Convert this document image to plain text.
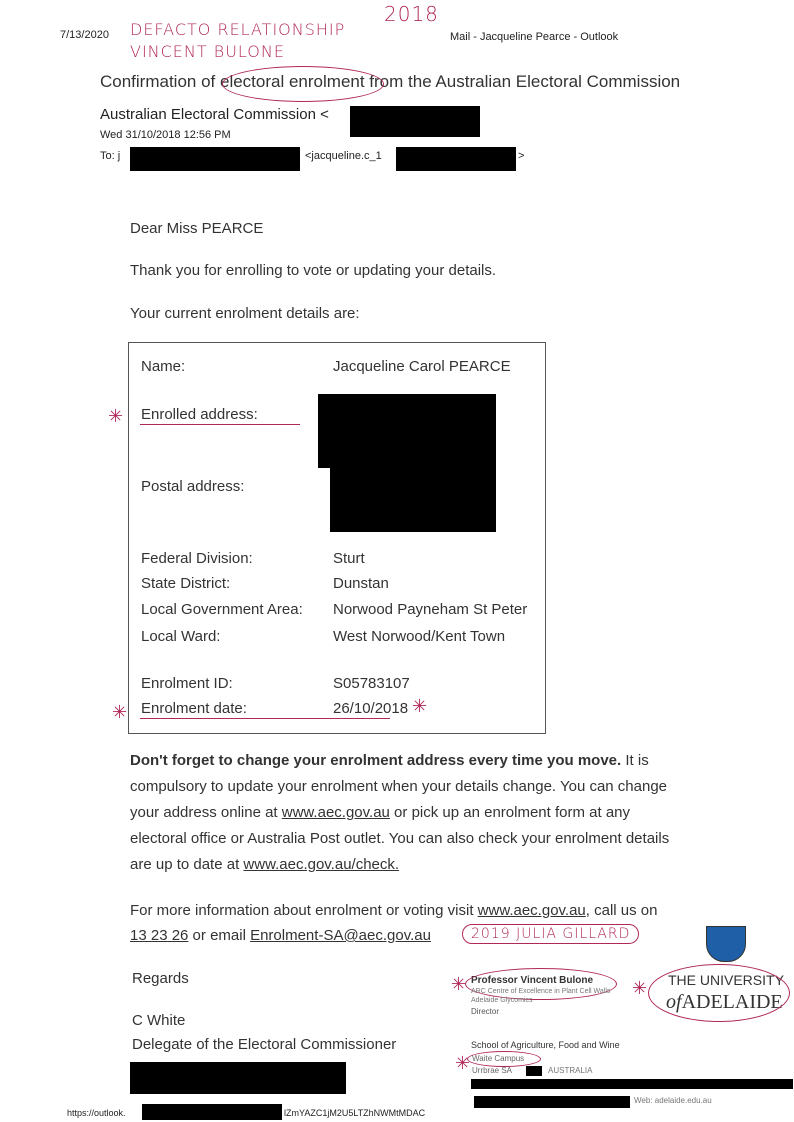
7/13/2020 DEFACTO RELATIONSHIP
2018
VINCENT BULONE
Mail - Jacqueline Pearce - Outlook
Confirmation of electoral enrolment from the Australian Electoral Commission
Australian Electoral Commission <
Wed 31/10/2018 12:56 PM
To: j	<jacqueline.c_1	>
Dear Miss PEARCE
Thank you for enrolling to vote or updating your details.
Your current enrolment details are:
Name:	Jacqueline Carol PEARCE
Enrolled address:
Postal address:
Federal Division:	Sturt
State District:	Dunstan
Local Government Area: Norwood Payneham St Peter
Local Ward:	West Norwood/Kent Town
Enrolment ID:	S05783107
Enrolment date:	26/10/2018
✳
✳	✳
Don't forget to change your enrolment address every time you move. It is
compulsory to update your enrolment when your details change. You can change
your address online at www.aec.gov.au or pick up an enrolment form at any
electoral office or Australia Post outlet. You can also check your enrolment details
are up to date at www.aec.gov.au/check.
For more information about enrolment or voting visit www.aec.gov.au, call us on
13 23 26 or email Enrolment-SA@aec.gov.au	2019 JULIA GILLARD
Regards
C White
Delegate of the Electoral Commissioner
Professor Vincent Bulone
ARC Centre of Excellence in Plant Cell Walls
Adelaide Glycomics
Director
School of Agriculture, Food and Wine
Waite Campus
Urrbrae SA	AUSTRALIA
Web: adelaide.edu.au
THE UNIVERSITY
ofADELAIDE
✳	✳
✳
https://outlook.	lZmYAZC1jM2U5LTZhNWMtMDAC
